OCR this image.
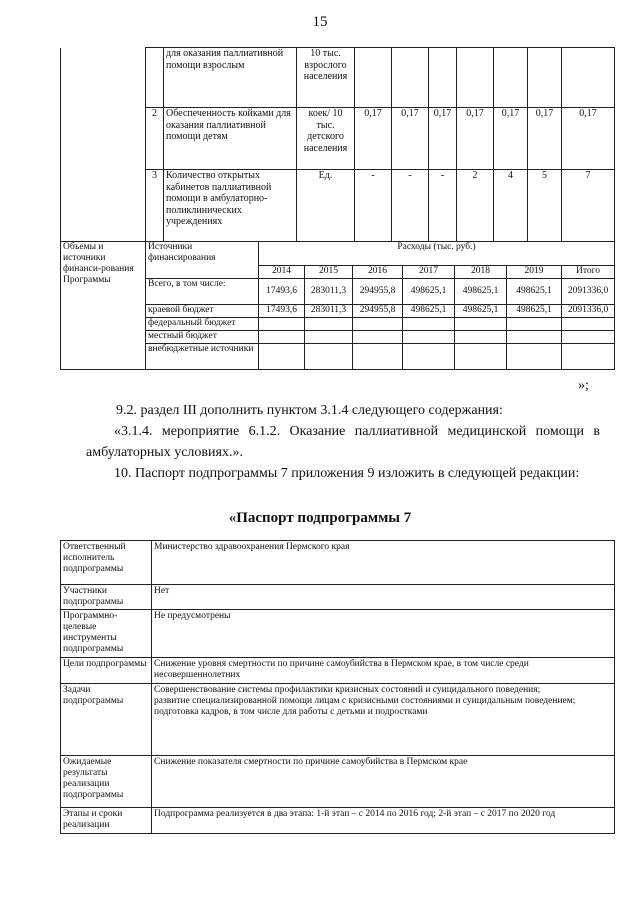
15
		для оказания паллиативной помощи взрослым	10 тыс. взрослого населения							
	2	Обеспеченность койками для оказания паллиативной помощи детям	коек/ 10 тыс. детского населения	0,17	0,17	0,17	0,17	0,17	0,17	0,17
	3	Количество открытых кабинетов паллиативной помощи в амбулаторно-поликлинических учреждениях	Ед.	-	-	-	2	4	5	7
Объемы и источники финанси-рования Программы	Источники финансирования	Расходы (тыс. руб.)						
		2014	2015	2016	2017	2018	2019	Итого
	Всего, в том числе:	17493,6	283011,3	294955,8	498625,1	498625,1	498625,1	2091336,0
	краевой бюджет	17493,6	283011,3	294955,8	498625,1	498625,1	498625,1	2091336,0
	федеральный бюджет							
	местный бюджет							
	внебюджетные источники							
»;
9.2. раздел III дополнить пунктом 3.1.4 следующего содержания:
«3.1.4. мероприятие 6.1.2. Оказание паллиативной медицинской помощи в амбулаторных условиях.».
10. Паспорт подпрограммы 7 приложения 9 изложить в следующей редакции:
«Паспорт подпрограммы 7
Ответственный исполнитель подпрограммы	Министерство здравоохранения Пермского края
Участники подпрограммы	Нет
Программно-целевые инструменты подпрограммы	Не предусмотрены
Цели подпрограммы	Снижение уровня смертности по причине самоубийства в Пермском крае, в том числе среди несовершеннолетних
Задачи подпрограммы	Совершенствование системы профилактики кризисных состояний и суицидального поведения;
развитие специализированной помощи лицам с кризисными состояниями и суицидальным поведением;
подготовка кадров, в том числе для работы с детьми и подростками
Ожидаемые результаты реализации подпрограммы	Снижение показателя смертности по причине самоубийства в Пермском крае
Этапы и сроки реализации	Подпрограмма реализуется в два этапа: 1-й этап – с 2014 по 2016 год; 2-й этап – с 2017 по 2020 год
